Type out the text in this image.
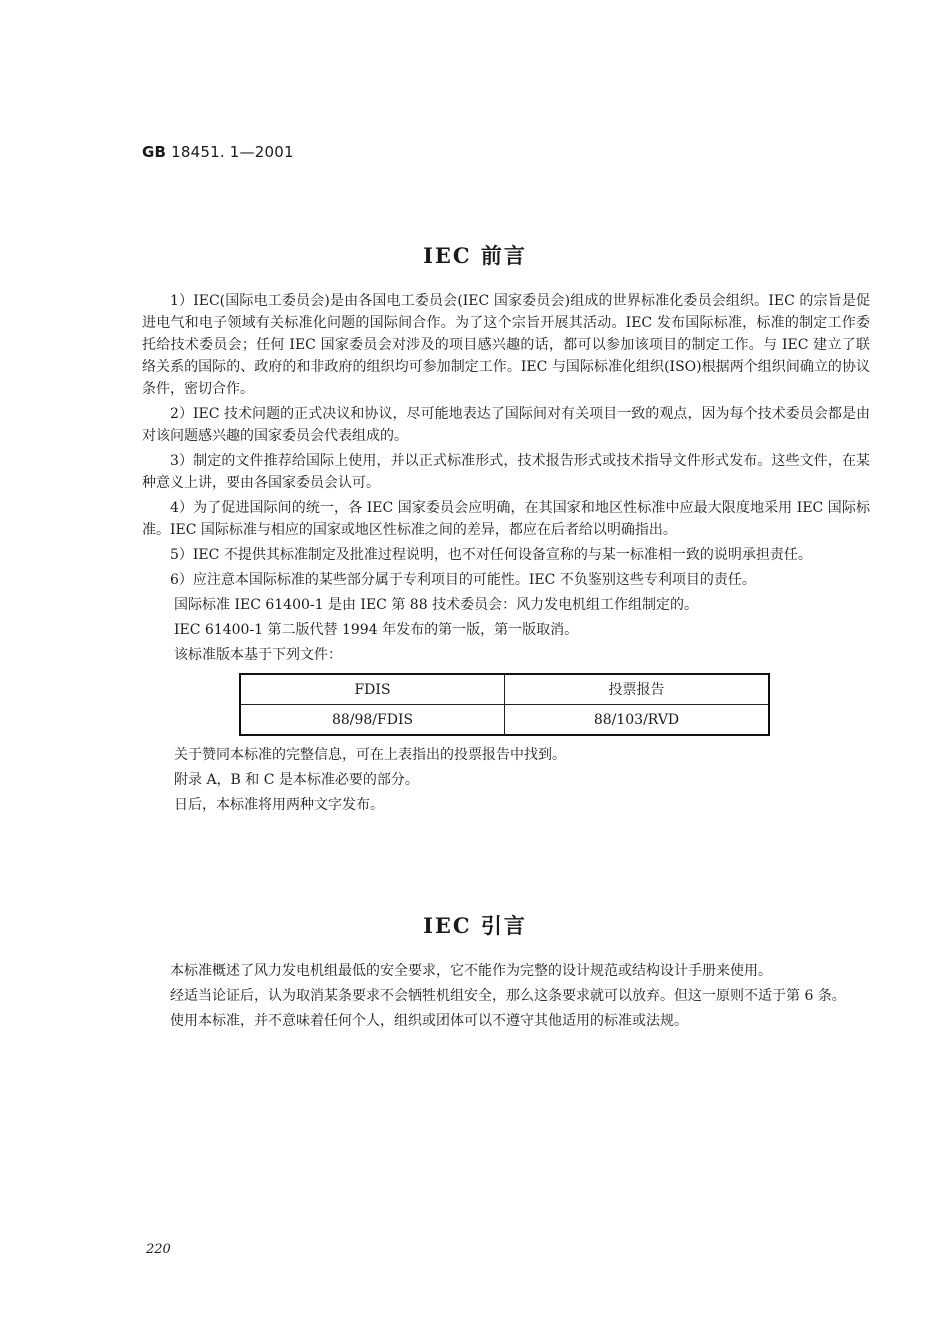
GB 18451. 1—2001
IEC 前言

1）IEC(国际电工委员会)是由各国电工委员会(IEC 国家委员会)组成的世界标准化委员会组织。IEC 的宗旨是促进电气和电子领域有关标准化问题的国际间合作。为了这个宗旨开展其活动。IEC 发布国际标准，标准的制定工作委托给技术委员会；任何 IEC 国家委员会对涉及的项目感兴趣的话，都可以参加该项目的制定工作。与 IEC 建立了联络关系的国际的、政府的和非政府的组织均可参加制定工作。IEC 与国际标准化组织(ISO)根据两个组织间确立的协议条件，密切合作。

2）IEC 技术问题的正式决议和协议，尽可能地表达了国际间对有关项目一致的观点，因为每个技术委员会都是由对该问题感兴趣的国家委员会代表组成的。

3）制定的文件推荐给国际上使用，并以正式标准形式，技术报告形式或技术指导文件形式发布。这些文件，在某种意义上讲，要由各国家委员会认可。

4）为了促进国际间的统一，各 IEC 国家委员会应明确，在其国家和地区性标准中应最大限度地采用 IEC 国际标准。IEC 国际标准与相应的国家或地区性标准之间的差异，都应在后者给以明确指出。

5）IEC 不提供其标准制定及批准过程说明，也不对任何设备宣称的与某一标准相一致的说明承担责任。

6）应注意本国际标准的某些部分属于专利项目的可能性。IEC 不负鉴别这些专利项目的责任。

国际标准 IEC 61400-1 是由 IEC 第 88 技术委员会：风力发电机组工作组制定的。

IEC 61400-1 第二版代替 1994 年发布的第一版，第一版取消。

该标准版本基于下列文件：

FDIS	投票报告
88/98/FDIS	88/103/RVD

关于赞同本标准的完整信息，可在上表指出的投票报告中找到。

附录 A，B 和 C 是本标准必要的部分。

日后，本标准将用两种文字发布。

IEC 引言

本标准概述了风力发电机组最低的安全要求，它不能作为完整的设计规范或结构设计手册来使用。

经适当论证后，认为取消某条要求不会牺牲机组安全，那么这条要求就可以放弃。但这一原则不适于第 6 条。

使用本标准，并不意味着任何个人，组织或团体可以不遵守其他适用的标准或法规。

220
